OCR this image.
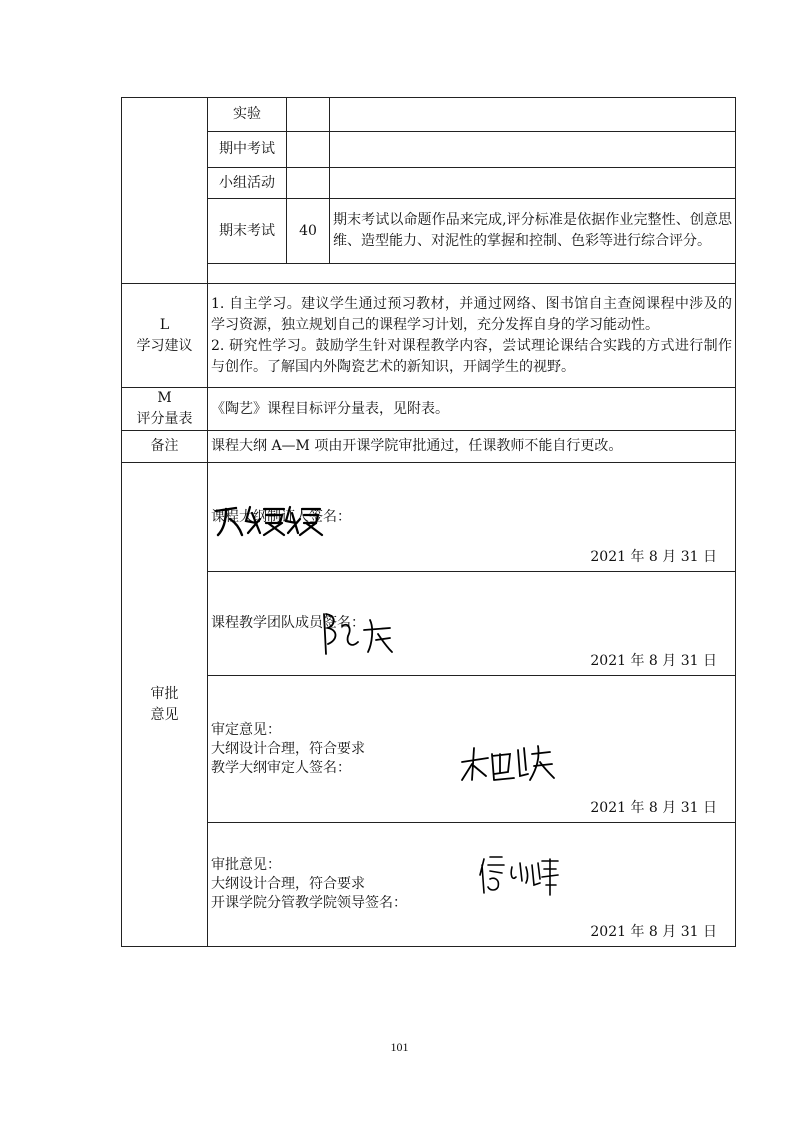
	实验		
	期中考试		
	小组活动		
	期末考试	40	期末考试以命题作品来完成,评分标准是依据作业完整性、创意思维、造型能力、对泥性的掌握和控制、色彩等进行综合评分。

L
学习建议	1. 自主学习。建议学生通过预习教材，并通过网络、图书馆自主查阅课程中涉及的学习资源，独立规划自己的课程学习计划，充分发挥自身的学习能动性。
2. 研究性学习。鼓励学生针对课程教学内容，尝试理论课结合实践的方式进行制作与创作。了解国内外陶瓷艺术的新知识，开阔学生的视野。		

M
评分量表	《陶艺》课程目标评分量表，见附表。		
备注	课程大纲 A—M 项由开课学院审批通过，任课教师不能自行更改。		

审批
意见	课程大纲制订人签名：
2021 年 8 月 31 日		

	课程教学团队成员签名：
2021 年 8 月 31 日		

	审定意见：
大纲设计合理，符合要求
教学大纲审定人签名：
2021 年 8 月 31 日		

	审批意见：
大纲设计合理，符合要求
开课学院分管教学院领导签名：
2021 年 8 月 31 日		
101
